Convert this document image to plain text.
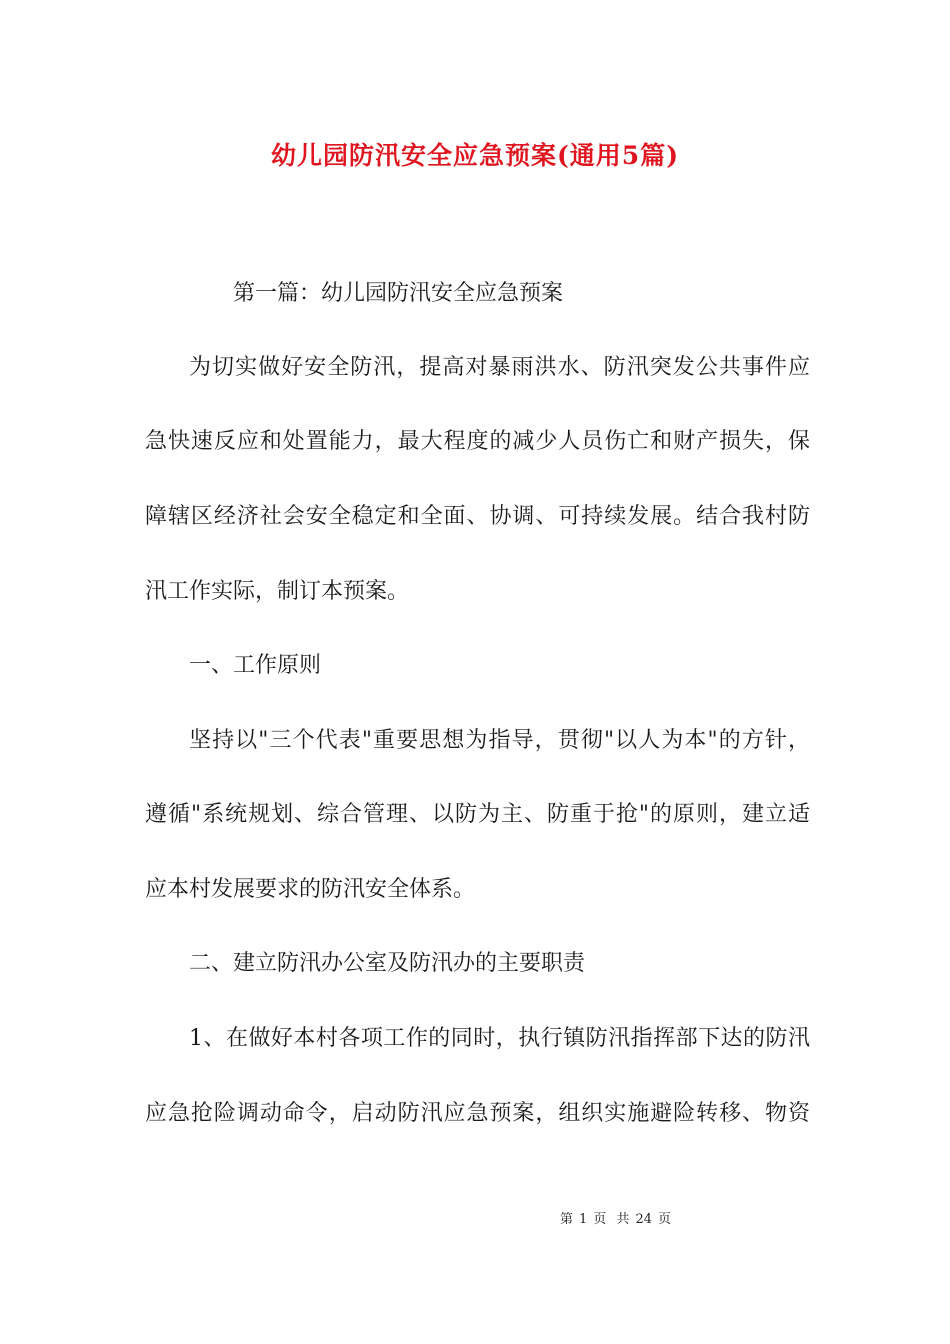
幼儿园防汛安全应急预案(通用5篇)
第一篇：幼儿园防汛安全应急预案
为切实做好安全防汛，提高对暴雨洪水、防汛突发公共事件应
急快速反应和处置能力，最大程度的减少人员伤亡和财产损失，保
障辖区经济社会安全稳定和全面、协调、可持续发展。结合我村防
汛工作实际，制订本预案。
一、工作原则
坚持以"三个代表"重要思想为指导，贯彻"以人为本"的方针，
遵循"系统规划、综合管理、以防为主、防重于抢"的原则，建立适
应本村发展要求的防汛安全体系。
二、建立防汛办公室及防汛办的主要职责
1、在做好本村各项工作的同时，执行镇防汛指挥部下达的防汛
应急抢险调动命令，启动防汛应急预案，组织实施避险转移、物资
第 1 页 共 24 页
